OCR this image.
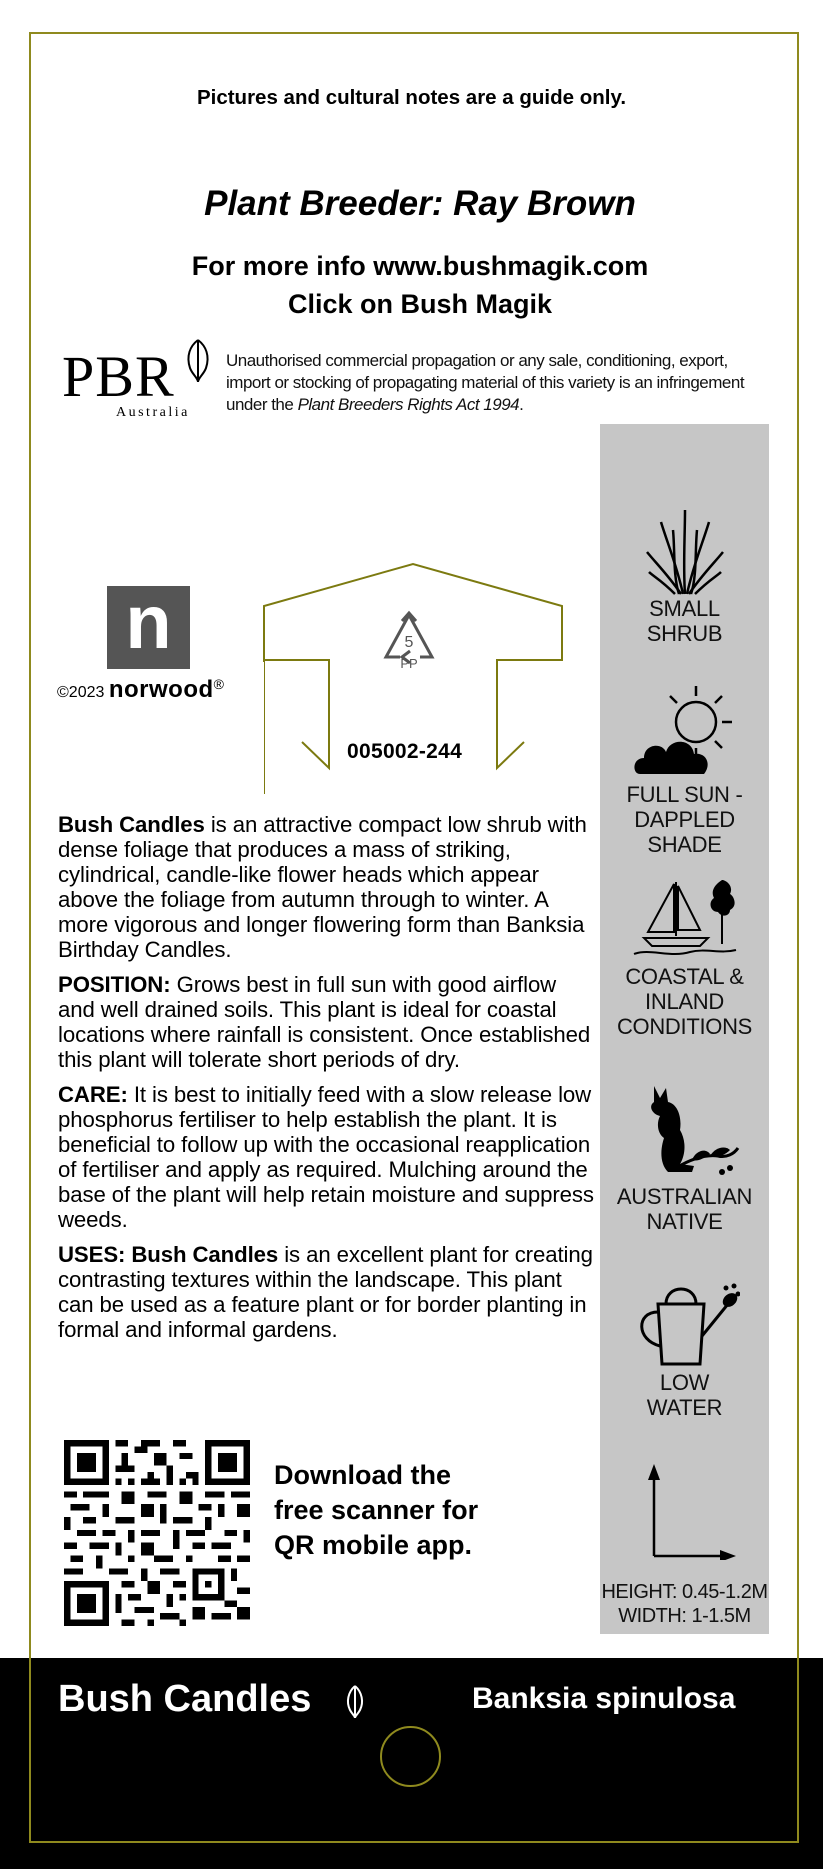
Pictures and cultural notes are a guide only.
Plant Breeder: Ray Brown
For more info www.bushmagik.com
Click on Bush Magik
PBR
Australia
Unauthorised commercial propagation or any sale, conditioning, export, import or stocking of propagating material of this variety is an infringement under the Plant Breeders Rights Act 1994.
n
©2023 norwood®
5
PP
005002-244

Bush Candles is an attractive compact low shrub with dense foliage that produces a mass of striking, cylindrical, candle-like flower heads which appear above the foliage from autumn through to winter. A more vigorous and longer flowering form than Banksia Birthday Candles.

POSITION: Grows best in full sun with good airflow and well drained soils. This plant is ideal for coastal locations where rainfall is consistent. Once established this plant will tolerate short periods of dry.

CARE: It is best to initially feed with a slow release low phosphorus fertiliser to help establish the plant. It is beneficial to follow up with the occasional reapplication of fertiliser and apply as required. Mulching around the base of the plant will help retain moisture and suppress weeds.

USES: Bush Candles is an excellent plant for creating contrasting textures within the landscape. This plant can be used as a feature plant or for border planting in formal and informal gardens.

SMALL
SHRUB
FULL SUN -
DAPPLED
SHADE
COASTAL &
INLAND
CONDITIONS
AUSTRALIAN
NATIVE
LOW
WATER
HEIGHT: 0.45-1.2M
WIDTH: 1-1.5M
Download the
free scanner for
QR mobile app.
Bush Candles	Banksia spinulosa
